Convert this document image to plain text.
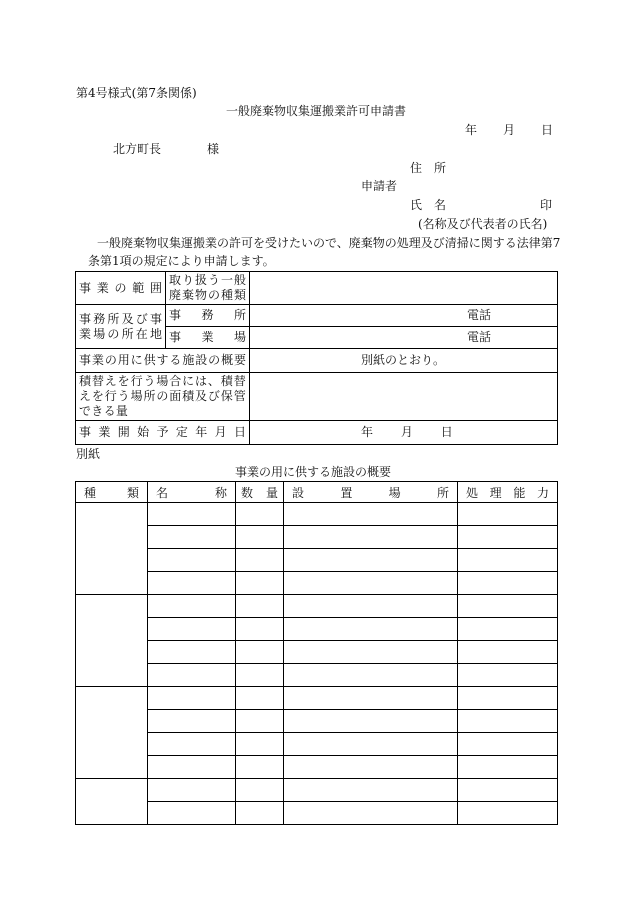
第4号様式(第7条関係)
一般廃棄物収集運搬業許可申請書
年 月 日
北方町長	様
住　所
申請者
氏　名	印
(名称及び代表者の氏名)
一般廃棄物収集運搬業の許可を受けたいので、廃棄物の処理及び清掃に関する法律第7
条第1項の規定により申請します。
事業の範囲	取り扱う一般廃棄物の種類	
事務所及び事業場の所在地	事務所	電話
	事業場	電話
事業の用に供する施設の概要		別紙のとおり。
積替えを行う場合には、積替えを行う場所の面積及び保管できる量		
事業開始予定年月日		年 月 日
別紙
事業の用に供する施設の概要
種類	名称	数量	設置場所	処理能力
